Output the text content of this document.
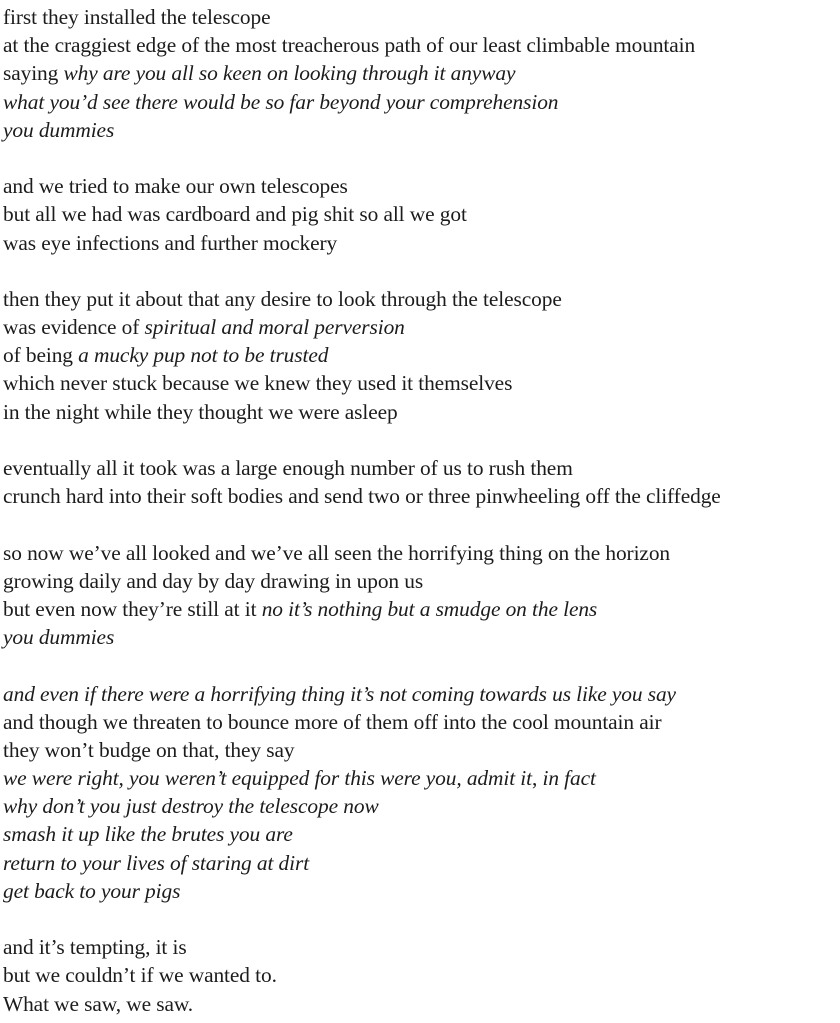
first they installed the telescope
at the craggiest edge of the most treacherous path of our least climbable mountain
saying why are you all so keen on looking through it anyway
what you’d see there would be so far beyond your comprehension
you dummies
and we tried to make our own telescopes
but all we had was cardboard and pig shit so all we got
was eye infections and further mockery
then they put it about that any desire to look through the telescope
was evidence of spiritual and moral perversion
of being a mucky pup not to be trusted
which never stuck because we knew they used it themselves
in the night while they thought we were asleep
eventually all it took was a large enough number of us to rush them
crunch hard into their soft bodies and send two or three pinwheeling off the cliffedge
so now we’ve all looked and we’ve all seen the horrifying thing on the horizon
growing daily and day by day drawing in upon us
but even now they’re still at it no it’s nothing but a smudge on the lens
you dummies
and even if there were a horrifying thing it’s not coming towards us like you say
and though we threaten to bounce more of them off into the cool mountain air
they won’t budge on that, they say
we were right, you weren’t equipped for this were you, admit it, in fact
why don’t you just destroy the telescope now
smash it up like the brutes you are
return to your lives of staring at dirt
get back to your pigs
and it’s tempting, it is
but we couldn’t if we wanted to.
What we saw, we saw.
